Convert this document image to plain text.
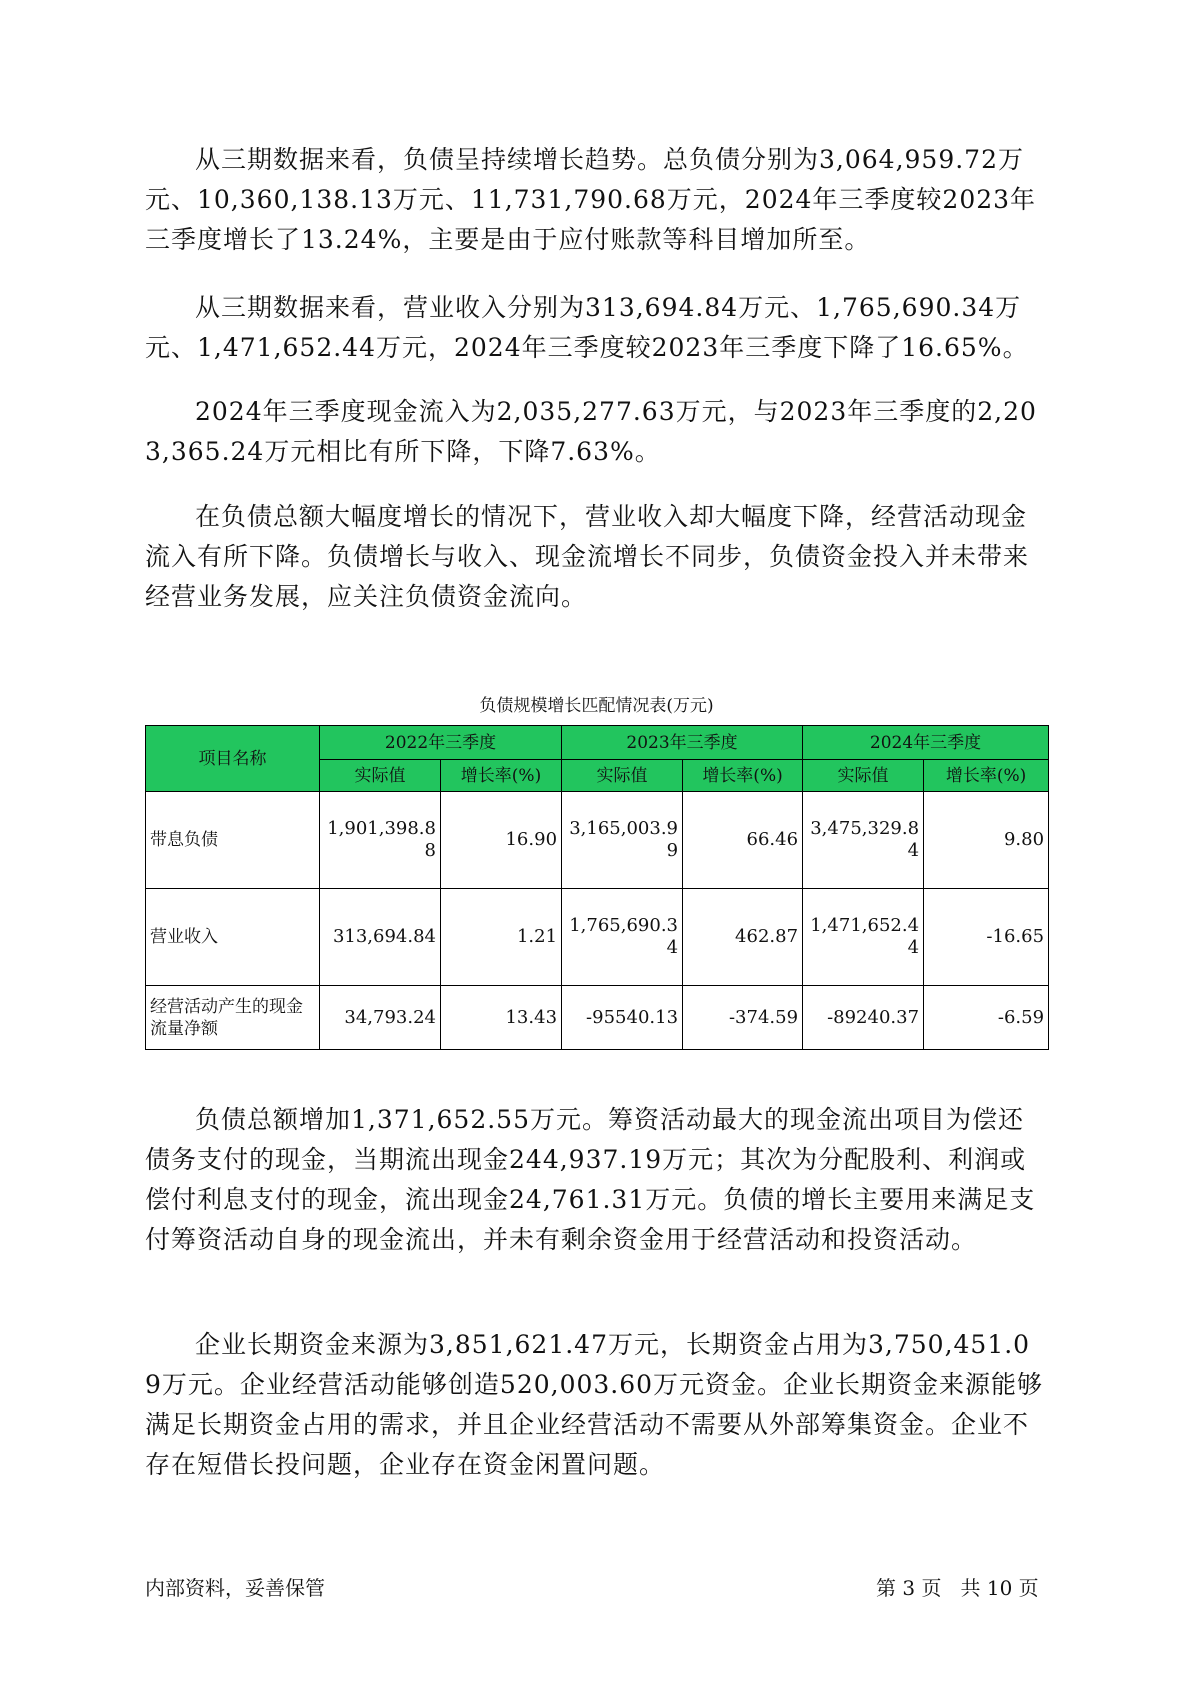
从三期数据来看，负债呈持续增长趋势。总负债分别为3,064,959.72万元、10,360,138.13万元、11,731,790.68万元，2024年三季度较2023年三季度增长了13.24%，主要是由于应付账款等科目增加所至。

从三期数据来看，营业收入分别为313,694.84万元、1,765,690.34万元、1,471,652.44万元，2024年三季度较2023年三季度下降了16.65%。

2024年三季度现金流入为2,035,277.63万元，与2023年三季度的2,203,365.24万元相比有所下降，下降7.63%。

在负债总额大幅度增长的情况下，营业收入却大幅度下降，经营活动现金流入有所下降。负债增长与收入、现金流增长不同步，负债资金投入并未带来经营业务发展，应关注负债资金流向。

负债规模增长匹配情况表(万元)
项目名称	2022年三季度		2023年三季度		2024年三季度	
	实际值	增长率(%)	实际值	增长率(%)	实际值	增长率(%)
带息负债	1,901,398.88	16.90	3,165,003.99	66.46	3,475,329.84	9.80
营业收入	313,694.84	1.21	1,765,690.34	462.87	1,471,652.44	-16.65
经营活动产生的现金流量净额	34,793.24	13.43	-95540.13	-374.59	-89240.37	-6.59

负债总额增加1,371,652.55万元。筹资活动最大的现金流出项目为偿还债务支付的现金，当期流出现金244,937.19万元；其次为分配股利、利润或偿付利息支付的现金，流出现金24,761.31万元。负债的增长主要用来满足支付筹资活动自身的现金流出，并未有剩余资金用于经营活动和投资活动。

企业长期资金来源为3,851,621.47万元，长期资金占用为3,750,451.09万元。企业经营活动能够创造520,003.60万元资金。企业长期资金来源能够满足长期资金占用的需求，并且企业经营活动不需要从外部筹集资金。企业不存在短借长投问题，企业存在资金闲置问题。

内部资料，妥善保管	第 3 页   共 10 页
